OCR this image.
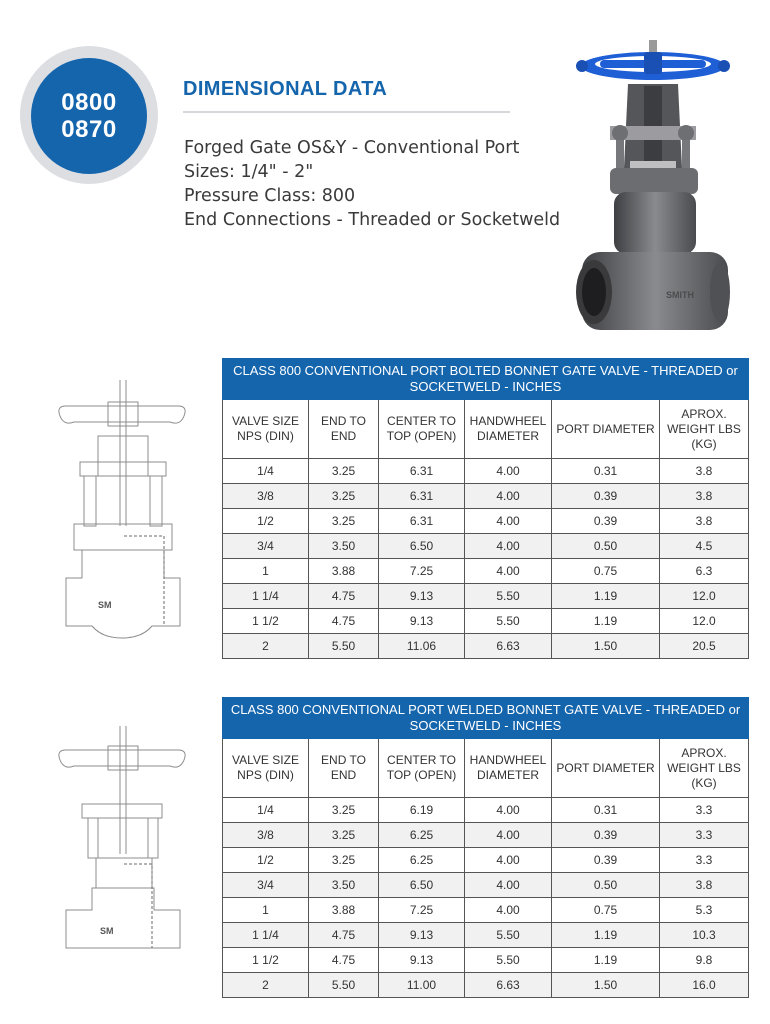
0800
0870
DIMENSIONAL DATA
Forged Gate OS&Y - Conventional Port
Sizes: 1/4" - 2"
Pressure Class: 800
End Connections - Threaded or Socketweld
SMITH
SM
CLASS 800 CONVENTIONAL PORT BOLTED BONNET GATE VALVE - THREADED or SOCKETWELD - INCHES					
VALVE SIZE NPS (DIN)	END TO END	CENTER TO TOP (OPEN)	HANDWHEEL DIAMETER	PORT DIAMETER	APROX. WEIGHT LBS (KG)
1/4	3.25	6.31	4.00	0.31	3.8
3/8	3.25	6.31	4.00	0.39	3.8
1/2	3.25	6.31	4.00	0.39	3.8
3/4	3.50	6.50	4.00	0.50	4.5
1	3.88	7.25	4.00	0.75	6.3
1 1/4	4.75	9.13	5.50	1.19	12.0
1 1/2	4.75	9.13	5.50	1.19	12.0
2	5.50	11.06	6.63	1.50	20.5
SM
CLASS 800 CONVENTIONAL PORT WELDED BONNET GATE VALVE - THREADED or SOCKETWELD - INCHES					
VALVE SIZE NPS (DIN)	END TO END	CENTER TO TOP (OPEN)	HANDWHEEL DIAMETER	PORT DIAMETER	APROX. WEIGHT LBS (KG)
1/4	3.25	6.19	4.00	0.31	3.3
3/8	3.25	6.25	4.00	0.39	3.3
1/2	3.25	6.25	4.00	0.39	3.3
3/4	3.50	6.50	4.00	0.50	3.8
1	3.88	7.25	4.00	0.75	5.3
1 1/4	4.75	9.13	5.50	1.19	10.3
1 1/2	4.75	9.13	5.50	1.19	9.8
2	5.50	11.00	6.63	1.50	16.0
